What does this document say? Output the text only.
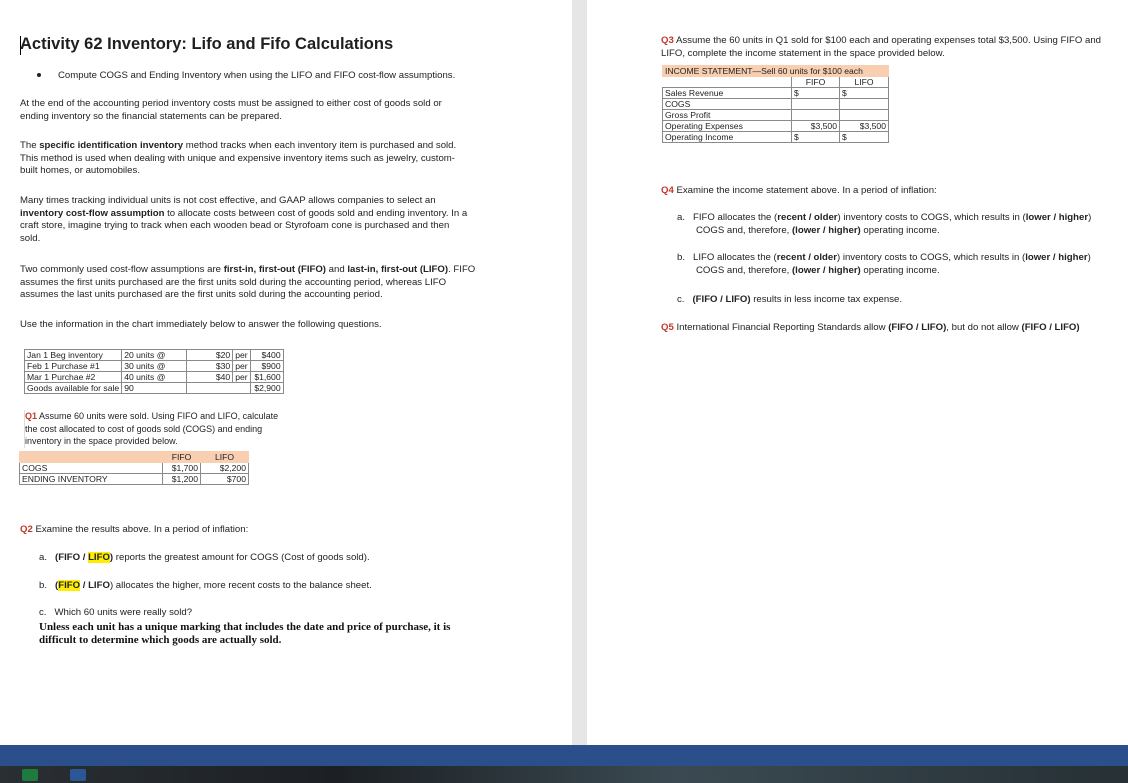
Activity 62 Inventory: Lifo and Fifo Calculations
Compute COGS and Ending Inventory when using the LIFO and FIFO cost-flow assumptions.
At the end of the accounting period inventory costs must be assigned to either cost of goods sold or
ending inventory so the financial statements can be prepared.
The specific identification inventory method tracks when each inventory item is purchased and sold.
This method is used when dealing with unique and expensive inventory items such as jewelry, custom-
built homes, or automobiles.
Many times tracking individual units is not cost effective, and GAAP allows companies to select an
inventory cost-flow assumption to allocate costs between cost of goods sold and ending inventory. In a
craft store, imagine trying to track when each wooden bead or Styrofoam cone is purchased and then
sold.
Two commonly used cost-flow assumptions are first-in, first-out (FIFO) and last-in, first-out (LIFO). FIFO
assumes the first units purchased are the first units sold during the accounting period, whereas LIFO
assumes the last units purchased are the first units sold during the accounting period.
Use the information in the chart immediately below to answer the following questions.
Jan 1 Beg inventory	20 units @	$20	per	$400
Feb 1 Purchase #1	30 units @	$30	per	$900
Mar 1 Purchae #2	40 units @	$40	per	$1,600
Goods available for sale	90			$2,900
Q1 Assume 60 units were sold. Using FIFO and LIFO, calculate
the cost allocated to cost of goods sold (COGS) and ending
inventory in the space provided below.
	FIFO	LIFO
COGS	$1,700	$2,200
ENDING INVENTORY	$1,200	$700
Q2 Examine the results above. In a period of inflation:
a. (FIFO / LIFO) reports the greatest amount for COGS (Cost of goods sold).
b. (FIFO / LIFO) allocates the higher, more recent costs to the balance sheet.
c. Which 60 units were really sold?
Unless each unit has a unique marking that includes the date and price of purchase, it is
difficult to determine which goods are actually sold.
Q3 Assume the 60 units in Q1 sold for $100 each and operating expenses total $3,500. Using FIFO and
LIFO, complete the income statement in the space provided below.
INCOME STATEMENT—Sell 60 units for $100 each		
	FIFO	LIFO
Sales Revenue	$	$
COGS		
Gross Profit		
Operating Expenses	$3,500	$3,500
Operating Income	$	$
Q4 Examine the income statement above. In a period of inflation:
a. FIFO allocates the (recent / older) inventory costs to COGS, which results in (lower / higher)
COGS and, therefore, (lower / higher) operating income.
b. LIFO allocates the (recent / older) inventory costs to COGS, which results in (lower / higher)
COGS and, therefore, (lower / higher) operating income.
c. (FIFO / LIFO) results in less income tax expense.
Q5 International Financial Reporting Standards allow (FIFO / LIFO), but do not allow (FIFO / LIFO)
